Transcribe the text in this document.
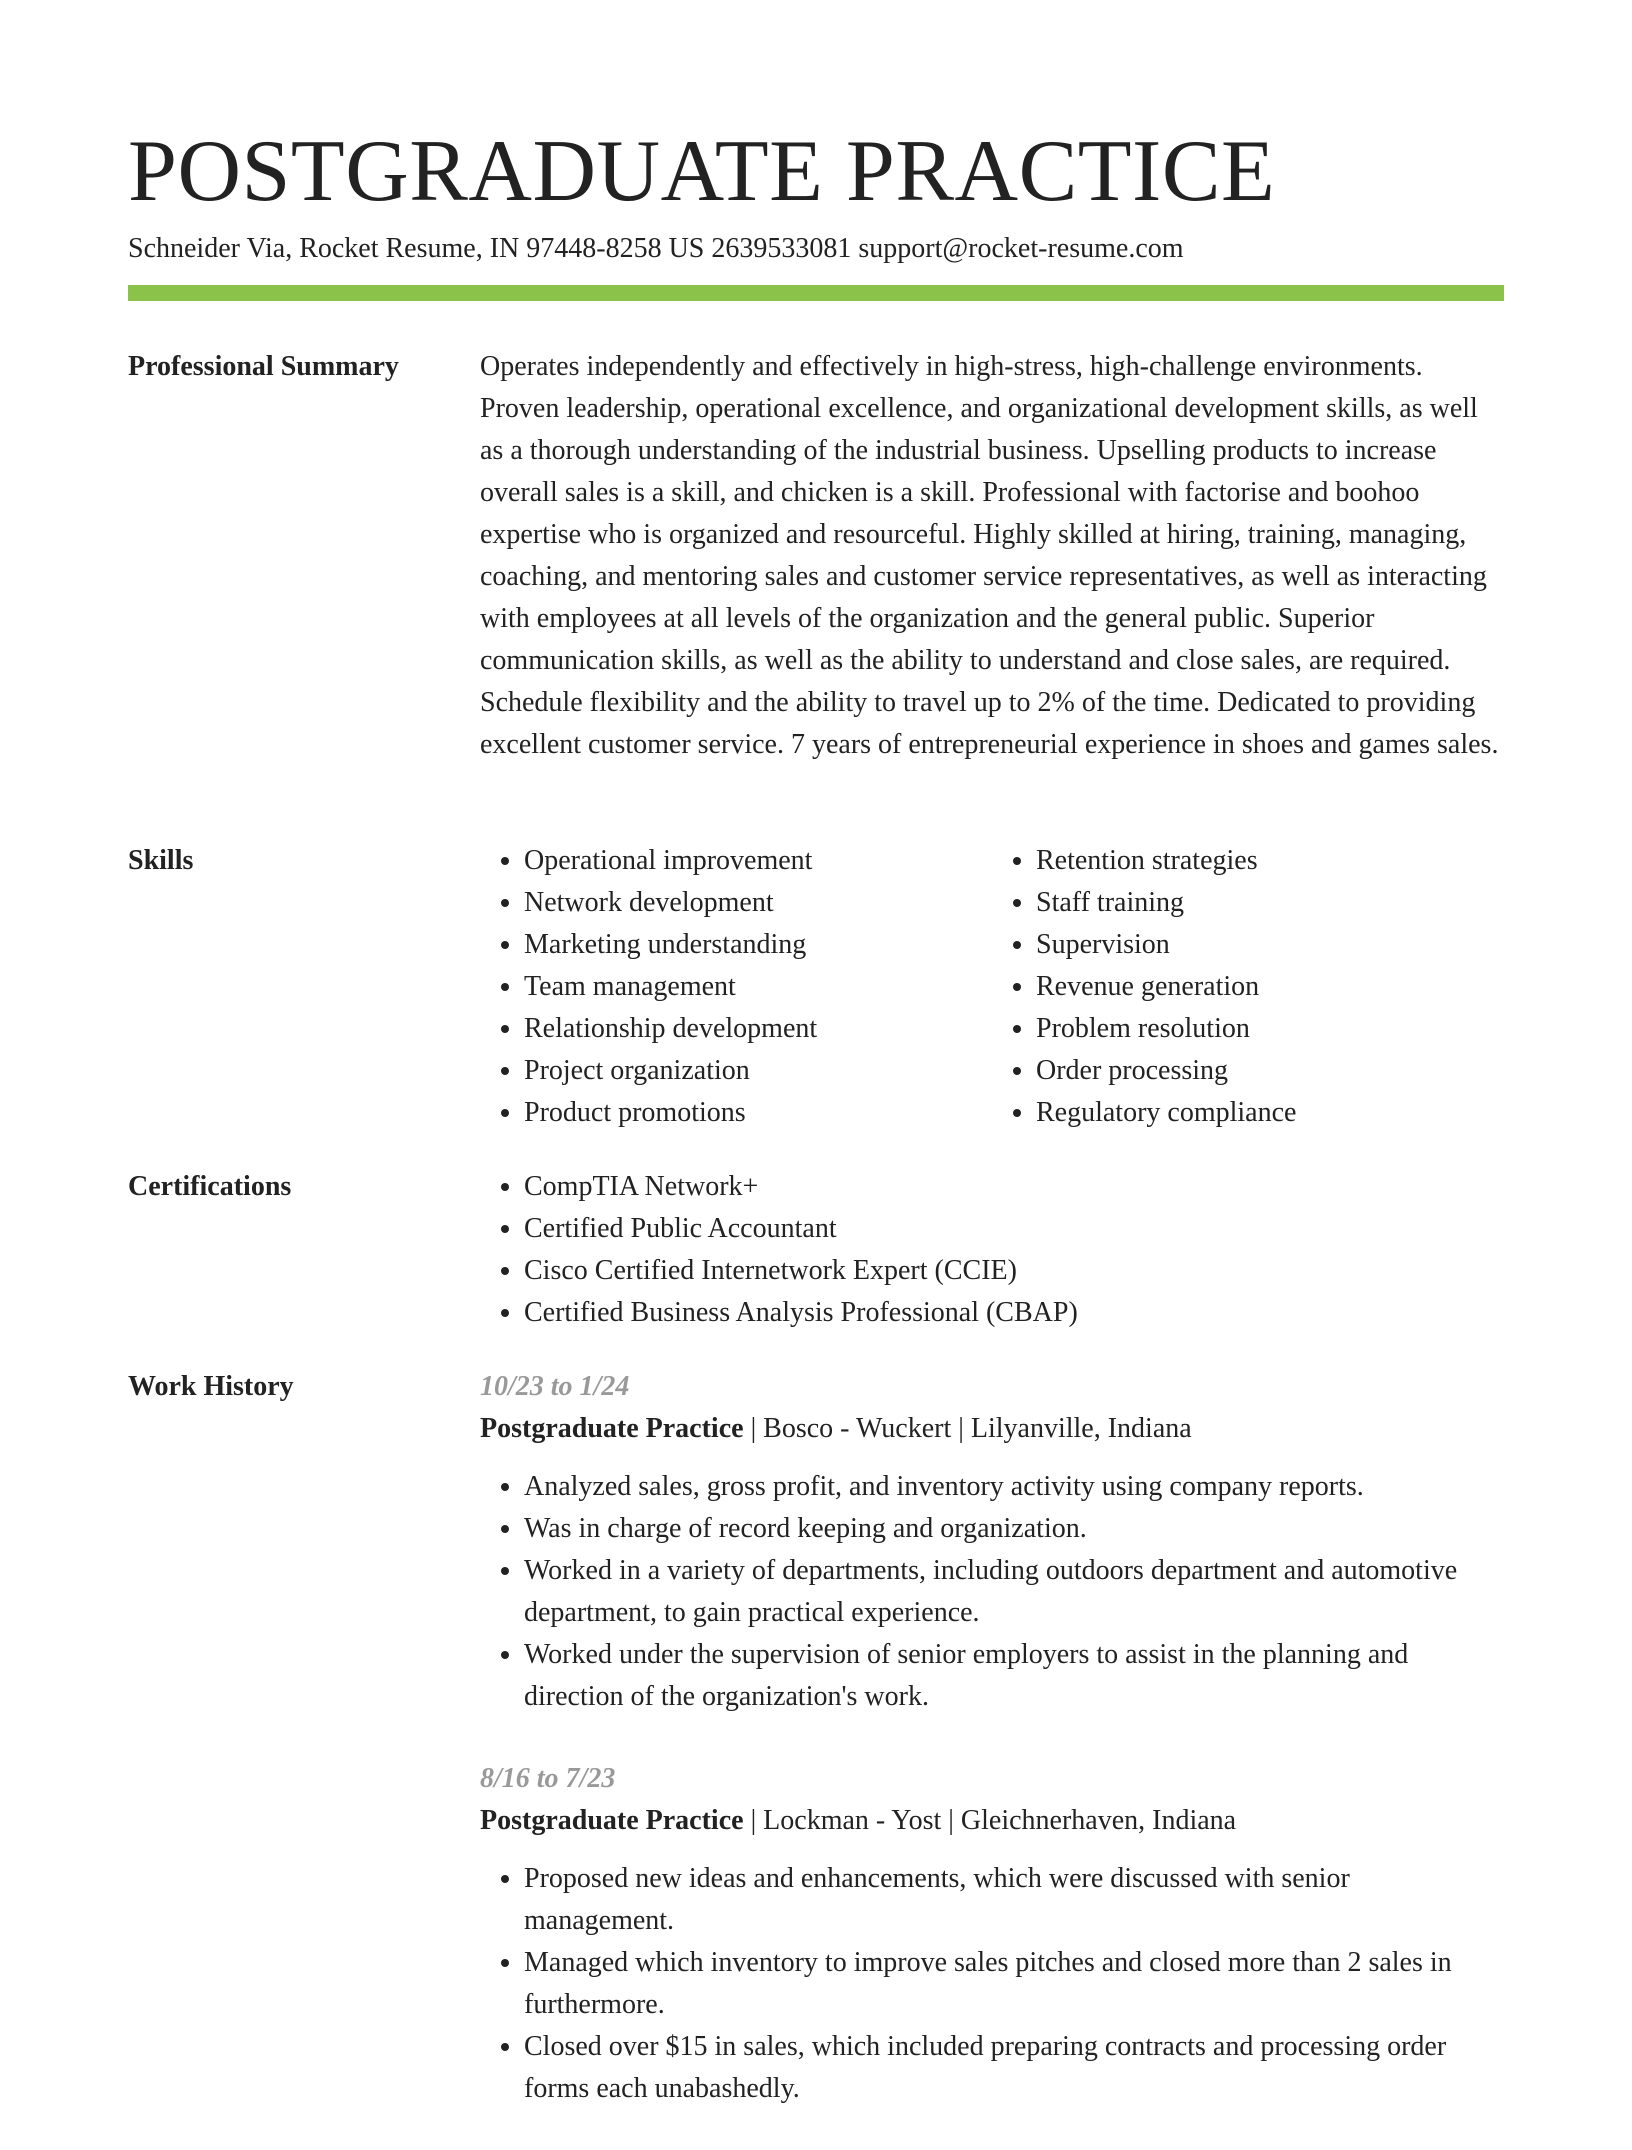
POSTGRADUATE PRACTICE
Schneider Via, Rocket Resume, IN 97448-8258 US 2639533081 support@rocket-resume.com
Professional Summary	Operates independently and effectively in high-stress, high-challenge environments. Proven leadership, operational excellence, and organizational development skills, as well as a thorough understanding of the industrial business. Upselling products to increase overall sales is a skill, and chicken is a skill. Professional with factorise and boohoo expertise who is organized and resourceful. Highly skilled at hiring, training, managing, coaching, and mentoring sales and customer service representatives, as well as interacting with employees at all levels of the organization and the general public. Superior communication skills, as well as the ability to understand and close sales, are required. Schedule flexibility and the ability to travel up to 2% of the time. Dedicated to providing excellent customer service. 7 years of entrepreneurial experience in shoes and games sales.

Skills	• Operational improvement
• Network development
• Marketing understanding
• Team management
• Relationship development
• Project organization
• Product promotions
• Retention strategies
• Staff training
• Supervision
• Revenue generation
• Problem resolution
• Order processing
• Regulatory compliance
Certifications	• CompTIA Network+
• Certified Public Accountant
• Cisco Certified Internetwork Expert (CCIE)
• Certified Business Analysis Professional (CBAP)
Work History	10/23 to 1/24
Postgraduate Practice | Bosco - Wuckert | Lilyanville, Indiana
• Analyzed sales, gross profit, and inventory activity using company reports.
• Was in charge of record keeping and organization.
• Worked in a variety of departments, including outdoors department and automotive department, to gain practical experience.
• Worked under the supervision of senior employers to assist in the planning and direction of the organization's work.
8/16 to 7/23
Postgraduate Practice | Lockman - Yost | Gleichnerhaven, Indiana
• Proposed new ideas and enhancements, which were discussed with senior management.
• Managed which inventory to improve sales pitches and closed more than 2 sales in furthermore.
• Closed over $15 in sales, which included preparing contracts and processing order forms each unabashedly.
